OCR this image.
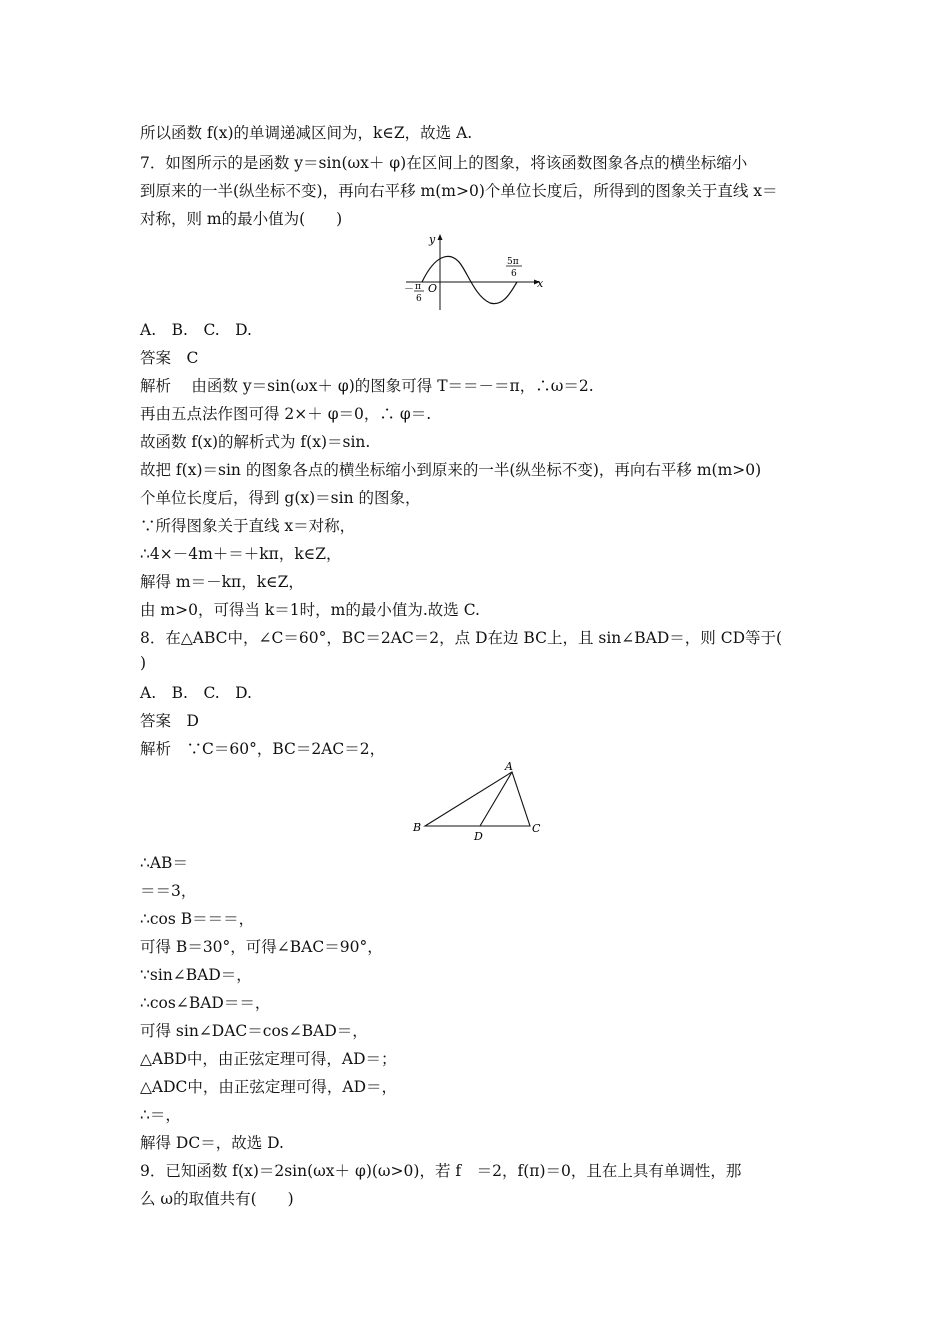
所以函数 f(x)的单调递减区间为，k∈Z，故选 A.
7．如图所示的是函数 y＝sin(ωx＋ φ)在区间上的图象，将该函数图象各点的横坐标缩小
到原来的一半(纵坐标不变)，再向右平移 m(m>0)个单位长度后，所得到的图象关于直线 x＝
对称，则 m的最小值为(　　)
y
x
O
－ π
6
5π
6
A.　B.　C.　D.
答案　C
解析　 由函数 y＝sin(ωx＋ φ)的图象可得 T＝＝－＝π，∴ω＝2.
再由五点法作图可得 2×＋ φ＝0，∴ φ＝.
故函数 f(x)的解析式为 f(x)＝sin.
故把 f(x)＝sin 的图象各点的横坐标缩小到原来的一半(纵坐标不变)，再向右平移 m(m>0)
个单位长度后，得到 g(x)＝sin 的图象，
∵所得图象关于直线 x＝对称，
∴4×－4m＋＝＋kπ，k∈Z，
解得 m＝－kπ，k∈Z，
由 m>0，可得当 k＝1时，m的最小值为.故选 C.
8．在△ABC中，∠C＝60°，BC＝2AC＝2，点 D在边 BC上，且 sin∠BAD＝，则 CD等于(
)
A.　B.　C.　D.
答案　D
解析　∵C＝60°，BC＝2AC＝2，
A
B	C
D
∴AB＝
＝＝3，
∴cos B＝＝＝，
可得 B＝30°，可得∠BAC＝90°，
∵sin∠BAD＝，
∴cos∠BAD＝＝，
可得 sin∠DAC＝cos∠BAD＝，
△ABD中，由正弦定理可得，AD＝；
△ADC中，由正弦定理可得，AD＝，
∴＝，
解得 DC＝，故选 D.
9．已知函数 f(x)＝2sin(ωx＋ φ)(ω>0)，若 f　＝2，f(π)＝0，且在上具有单调性，那
么 ω的取值共有(　　)
